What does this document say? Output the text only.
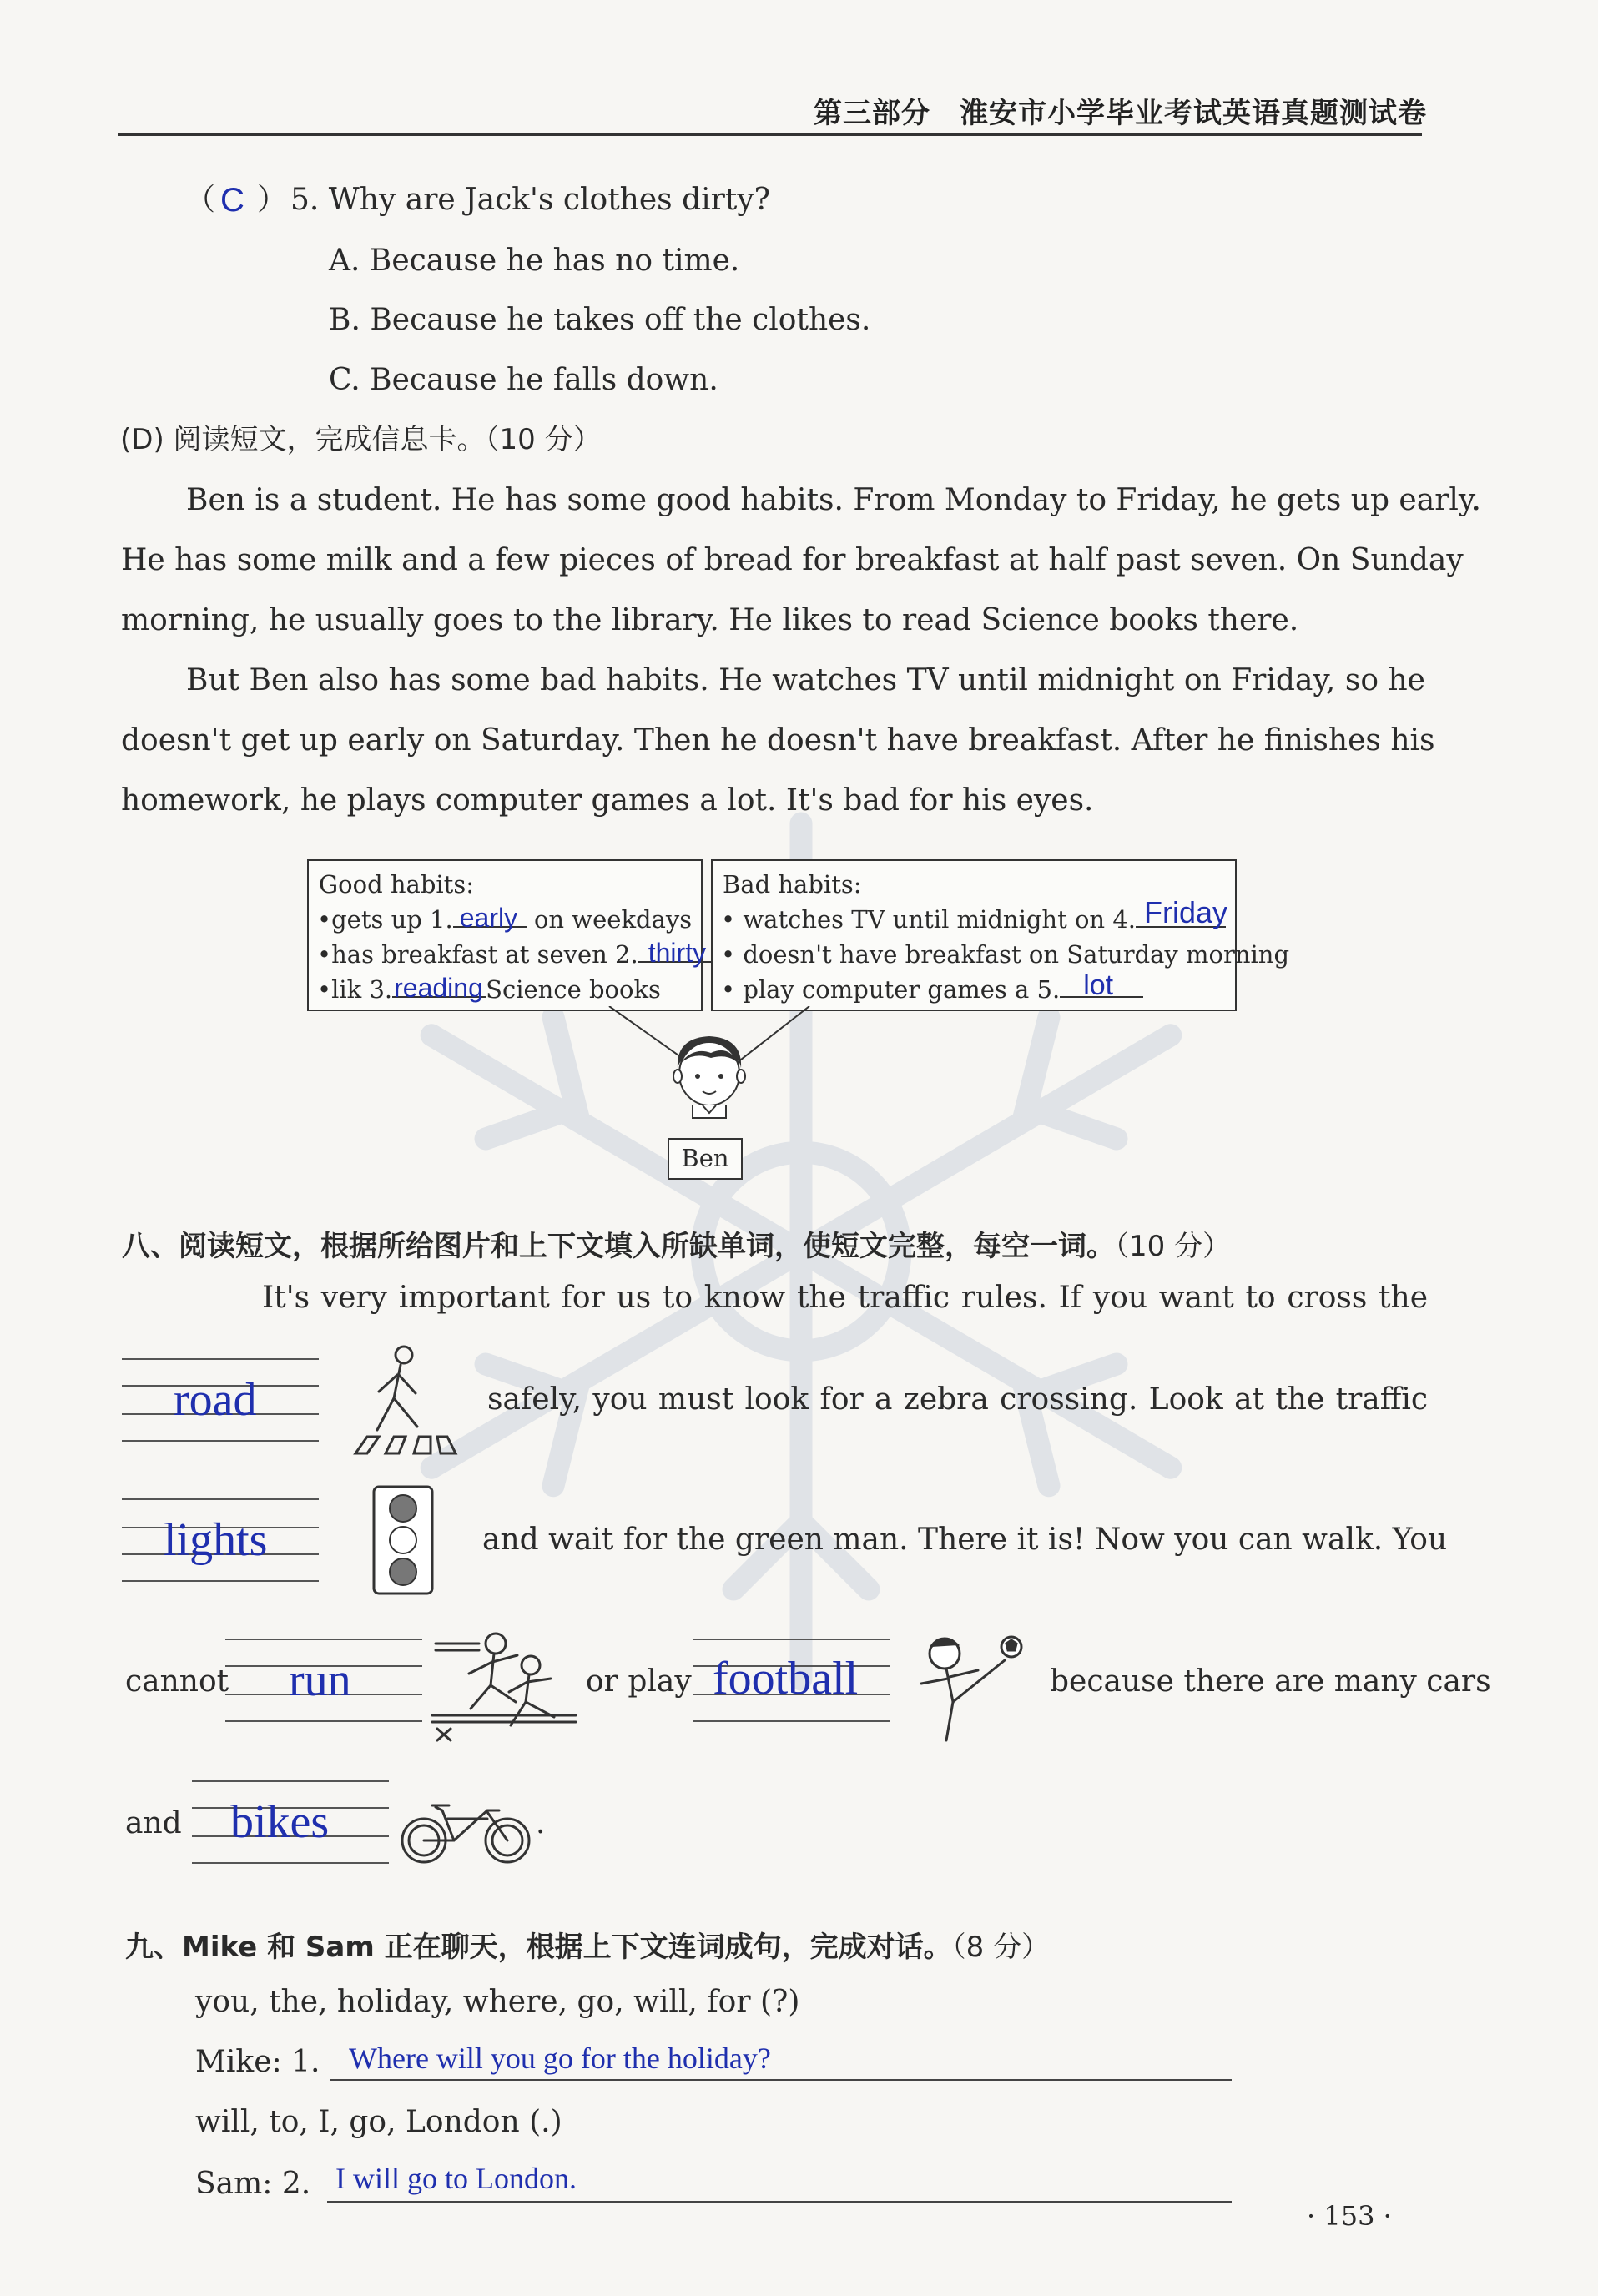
第三部分　淮安市小学毕业考试英语真题测试卷
（ C ） 5. Why are Jack's clothes dirty?
A. Because he has no time.
B. Because he takes off the clothes.
C. Because he falls down.
(D) 阅读短文，完成信息卡。（10 分）
Ben is a student. He has some good habits. From Monday to Friday, he gets up early.
He has some milk and a few pieces of bread for breakfast at half past seven. On Sunday
morning, he usually goes to the library. He likes to read Science books there.
But Ben also has some bad habits. He watches TV until midnight on Friday, so he
doesn't get up early on Saturday. Then he doesn't have breakfast. After he finishes his
homework, he plays computer games a lot. It's bad for his eyes.
Good habits:
•gets up 1. early on weekdays
•has breakfast at seven 2. thirty
•lik 3. reading Science books
Bad habits:
• watches TV until midnight on 4. Friday
• doesn't have breakfast on Saturday morning
• play computer games a 5. lot
Ben
八、阅读短文，根据所给图片和上下文填入所缺单词，使短文完整，每空一词。（10 分）
It's very important for us to know the traffic rules. If you want to cross the
road	safely, you must look for a zebra crossing. Look at the traffic
lights	and wait for the green man. There it is! Now you can walk. You
cannot run	or play football	because there are many cars
and bikes	.
九、Mike 和 Sam 正在聊天，根据上下文连词成句，完成对话。（8 分）
you, the, holiday, where, go, will, for (?)
Mike: 1. Where will you go for the holiday?
will, to, I, go, London (.)
Sam: 2. I will go to London.
· 153 ·
